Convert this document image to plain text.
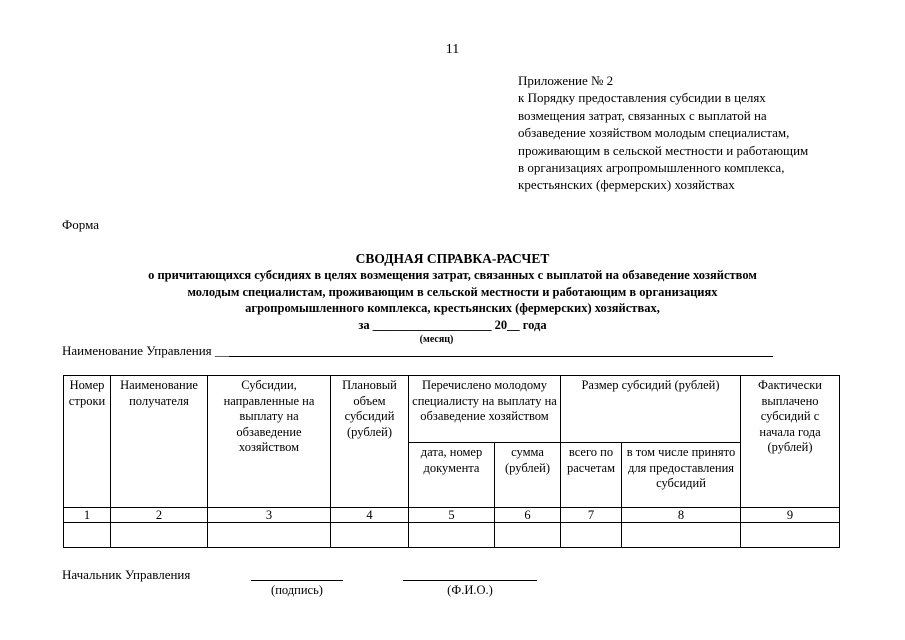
11
Приложение № 2
к Порядку предоставления субсидии в целях
возмещения затрат, связанных с выплатой на
обзаведение хозяйством молодым специалистам,
проживающим в сельской местности и работающим
в организациях агропромышленного комплекса,
крестьянских (фермерских) хозяйствах
Форма
СВОДНАЯ СПРАВКА-РАСЧЕТ
о причитающихся субсидиях в целях возмещения затрат, связанных с выплатой на обзаведение хозяйством
молодым специалистам, проживающим в сельской местности и работающим в организациях
агропромышленного комплекса, крестьянских (фермерских) хозяйствах,
за ___________________ 20__ года
(месяц)
Наименование Управления ____
Номер строки	Наименование получателя	Субсидии, направленные на выплату на обзаведение хозяйством	Плановый объем субсидий (рублей)	Перечислено молодому специалисту на выплату на обзаведение хозяйством		Размер субсидий (рублей)		Фактически выплачено субсидий с начала года (рублей)
				дата, номер документа	сумма (рублей)	всего по расчетам	в том числе принято для предоставления субсидий	
1	2	3	4	5	6	7	8	9

Начальник Управления
(подпись)	(Ф.И.О.)
